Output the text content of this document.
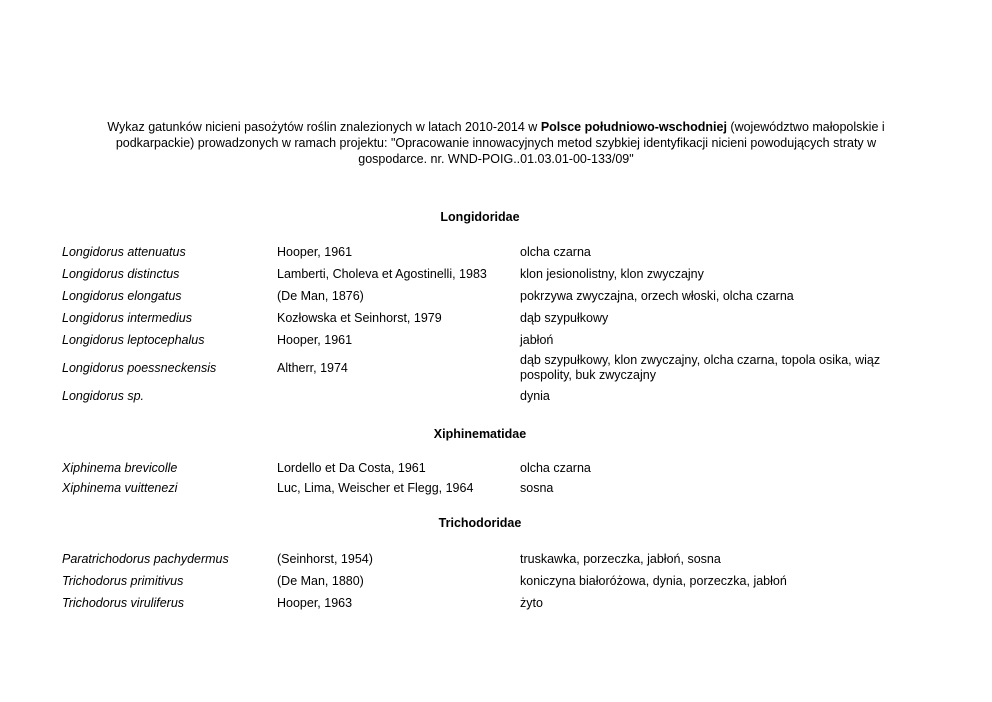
Wykaz gatunków nicieni pasożytów roślin znalezionych w latach 2010-2014 w Polsce południowo-wschodniej (województwo małopolskie i podkarpackie) prowadzonych w ramach projektu: "Opracowanie innowacyjnych metod szybkiej identyfikacji nicieni powodujących straty w gospodarce. nr. WND-POIG..01.03.01-00-133/09"
Longidoridae
Longidorus attenuatus	Hooper, 1961	olcha czarna
Longidorus distinctus	Lamberti, Choleva et Agostinelli, 1983	klon jesionolistny, klon zwyczajny
Longidorus elongatus	(De Man, 1876)	pokrzywa zwyczajna, orzech włoski, olcha czarna
Longidorus intermedius	Kozłowska et Seinhorst, 1979	dąb szypułkowy
Longidorus leptocephalus	Hooper, 1961	jabłoń
Longidorus poessneckensis	Altherr, 1974	dąb szypułkowy, klon zwyczajny, olcha czarna, topola osika, wiąz pospolity, buk zwyczajny
Longidorus sp.		dynia
Xiphinematidae
Xiphinema brevicolle	Lordello et Da Costa, 1961	olcha czarna
Xiphinema vuittenezi	Luc, Lima, Weischer et Flegg, 1964	sosna
Trichodoridae
Paratrichodorus pachydermus	(Seinhorst, 1954)	truskawka, porzeczka, jabłoń, sosna
Trichodorus primitivus	(De Man, 1880)	koniczyna białoróżowa, dynia, porzeczka, jabłoń
Trichodorus viruliferus	Hooper, 1963	żyto
